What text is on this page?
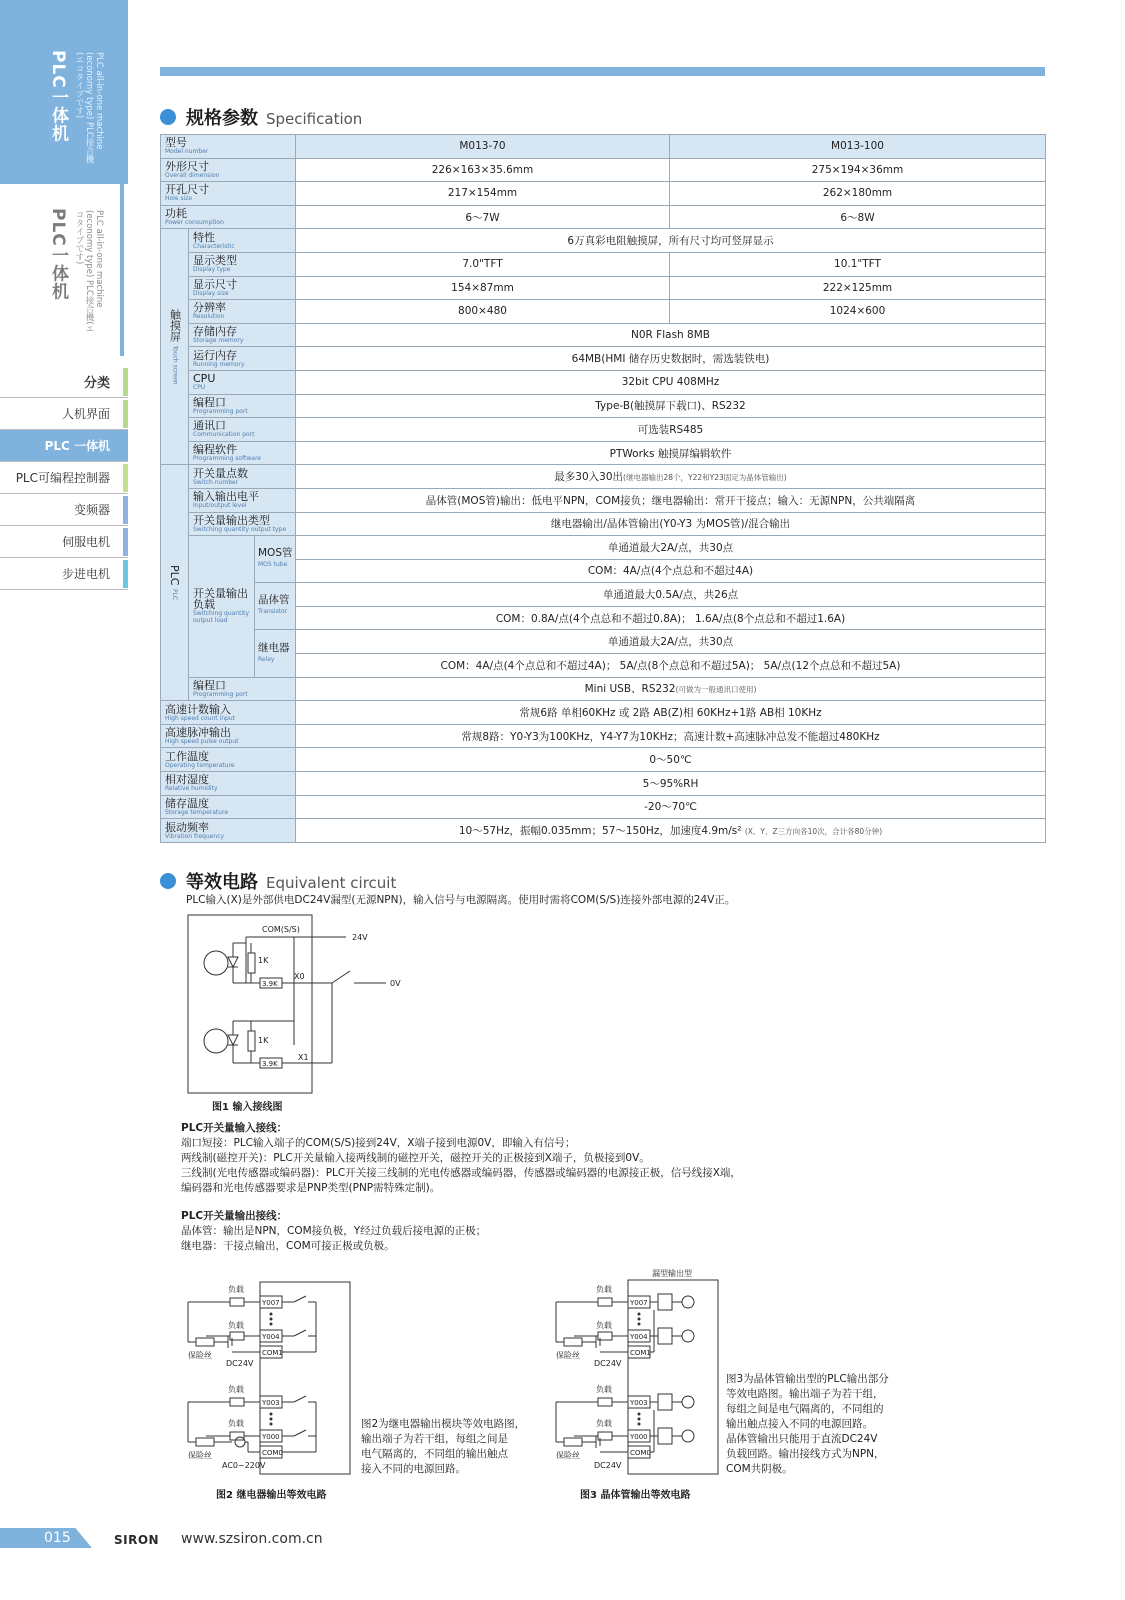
PLC一体机	PLC all-in-one machine (economy type) PLC接合機(エコタイプです)
PLC一体机	PLC all-in-one machine (economy type) PLC接合機(エコタイプです)
分类
人机界面
PLC 一体机
PLC可编程控制器
变频器
伺服电机
步进电机
规格参数 Specification
型号
Model number			M013-70	M013-100

外形尺寸
Overall dimension			226×163×35.6mm	275×194×36mm

开孔尺寸
Hole size			217×154mm	262×180mm

功耗
Power consumption			6～7W	6～8W

触摸屏 Touch screen	特性
Characteristic		6万真彩电阻触摸屏，所有尺寸均可竖屏显示	

	显示类型
Display type		7.0"TFT	10.1"TFT

	显示尺寸
Display size		154×87mm	222×125mm

	分辨率
Resolution		800×480	1024×600

	存储内存
Storage memory		N0R Flash 8MB	

	运行内存
Running memory		64MB(HMI 储存历史数据时，需选装铁电)	

	CPU
CPU		32bit CPU 408MHz	

	编程口
Programming port		Type-B(触摸屏下载口)、RS232	

	通讯口
Communication port		可选装RS485	

	编程软件
Programming software		PTWorks 触摸屏编辑软件	

PLC PLC	开关量点数
Switch number		最多30入30出(继电器输出28个，Y22和Y23固定为晶体管输出)	

	输入输出电平
Input/output level		晶体管(MOS管)输出：低电平NPN，COM接负；继电器输出：常开干接点；输入：无源NPN，公共端隔离	

	开关量输出类型
Switching quantity output type		继电器输出/晶体管输出(Y0-Y3 为MOS管)/混合输出	

	开关量输出负载
Switching quantity output load	MOS管
MOS tube	单通道最大2A/点，共30点	
			COM：4A/点(4个点总和不超过4A)	

		晶体管
Transistor	单通道最大0.5A/点，共26点	
			COM：0.8A/点(4个点总和不超过0.8A)； 1.6A/点(8个点总和不超过1.6A)	

		继电器
Relay	单通道最大2A/点，共30点	
			COM：4A/点(4个点总和不超过4A)； 5A/点(8个点总和不超过5A)； 5A/点(12个点总和不超过5A)	

	编程口
Programming port		Mini USB、RS232(可做为一般通讯口使用)	

高速计数输入
High speed count input			常规6路 单相60KHz 或 2路 AB(Z)相 60KHz+1路 AB相 10KHz	

高速脉冲输出
High speed pulse output			常规8路：Y0-Y3为100KHz，Y4-Y7为10KHz；高速计数+高速脉冲总发不能超过480KHz	

工作温度
Operating temperature			0～50℃	

相对湿度
Relative humidity			5～95%RH	

储存温度
Storage temperature			-20～70℃	

振动频率
Vibration frequency			10～57Hz，振幅0.035mm；57～150Hz，加速度4.9m/s² (X、Y、Z三方向各10次，合计各80分钟)	
等效电路 Equivalent circuit
PLC输入(X)是外部供电DC24V漏型(无源NPN)，输入信号与电源隔离。使用时需将COM(S/S)连接外部电源的24V正。
COM(S/S)
24V
0V
1K
3.9K
X0
1K
3.9K
X1
图1 输入接线图
PLC开关量输入接线：
端口短接：PLC输入端子的COM(S/S)接到24V，X端子接到电源0V，即输入有信号；
两线制(磁控开关)：PLC开关量输入接两线制的磁控开关，磁控开关的正极接到X端子，负极接到0V。
三线制(光电传感器或编码器)：PLC开关接三线制的光电传感器或编码器，传感器或编码器的电源接正极，信号线接X端，
编码器和光电传感器要求是PNP类型(PNP需特殊定制)。
PLC开关量输出接线：
晶体管：输出是NPN，COM接负极，Y经过负载后接电源的正极；
继电器：干接点输出，COM可接正极或负极。
负载
负载
负载
负载
Y007
Y004
COM1
Y003
Y000
COM0
保险丝
DC24V
保险丝
AC0~220V
图2 继电器输出等效电路
图2为继电器输出模块等效电路图，
输出端子为若干组，每组之间是
电气隔离的，不同组的输出触点
接入不同的电源回路。
漏型输出型
负载
负载
负载
负载
Y007
Y004
COM1
Y003
Y000
COM0
保险丝
DC24V
保险丝
DC24V
图3 晶体管输出等效电路
图3为晶体管输出型的PLC输出部分
等效电路图。输出端子为若干组，
每组之间是电气隔离的，不同组的
输出触点接入不同的电源回路。
晶体管输出只能用于直流DC24V
负载回路。输出接线方式为NPN，
COM共阴极。
015	SIRON www.szsiron.com.cn
